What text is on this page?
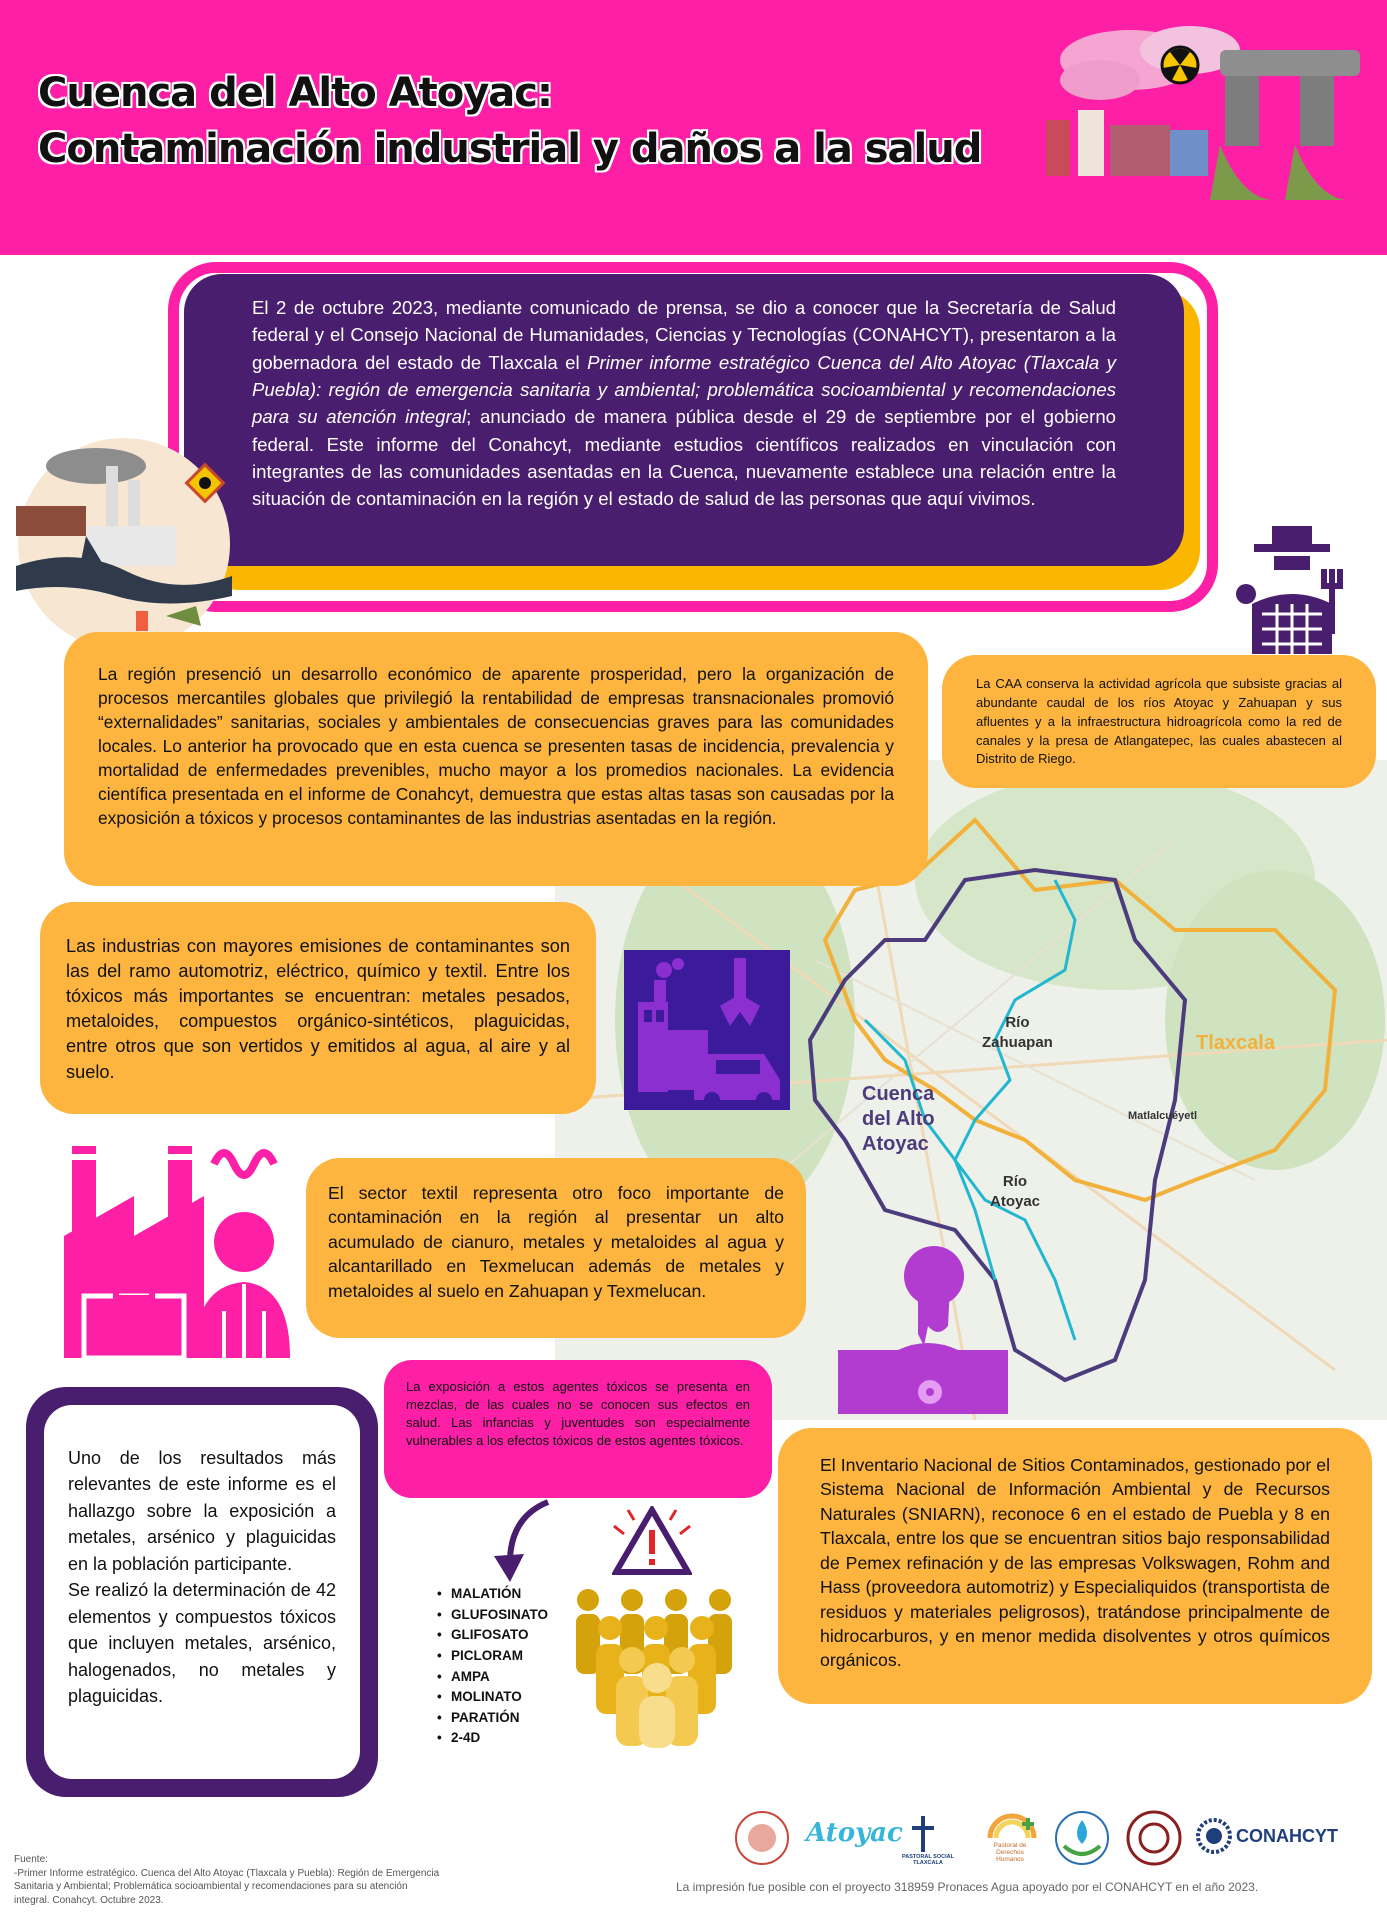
Cuenca del Alto Atoyac:
Contaminación industrial y daños a la salud
Río
Zahuapan	Tlaxcala
Cuenca
del Alto
Atoyac
Matlalcuéyetl
Río
Atoyac
El 2 de octubre 2023, mediante comunicado de prensa, se dio a conocer que la Secretaría de Salud federal y el Consejo Nacional de Humanidades, Ciencias y Tecnologías (CONAHCYT), presentaron a la gobernadora del estado de Tlaxcala el Primer informe estratégico Cuenca del Alto Atoyac (Tlaxcala y Puebla): región de emergencia sanitaria y ambiental; problemática socioambiental y recomendaciones para su atención integral; anunciado de manera pública desde el 29 de septiembre por el gobierno federal. Este informe del Conahcyt, mediante estudios científicos realizados en vinculación con integrantes de las comunidades asentadas en la Cuenca, nuevamente establece una relación entre la situación de contaminación en la región y el estado de salud de las personas que aquí vivimos.
La región presenció un desarrollo económico de aparente prosperidad, pero la organización de procesos mercantiles globales que privilegió la rentabilidad de empresas transnacionales promovió “externalidades” sanitarias, sociales y ambientales de consecuencias graves para las comunidades locales. Lo anterior ha provocado que en esta cuenca se presenten tasas de incidencia, prevalencia y mortalidad de enfermedades prevenibles, mucho mayor a los promedios nacionales. La evidencia científica presentada en el informe de Conahcyt, demuestra que estas altas tasas son causadas por la exposición a tóxicos y procesos contaminantes de las industrias asentadas en la región.
La CAA conserva la actividad agrícola que subsiste gracias al abundante caudal de los ríos Atoyac y Zahuapan y sus afluentes y a la infraestructura hidroagrícola como la red de canales y la presa de Atlangatepec, las cuales abastecen al Distrito de Riego.
Las industrias con mayores emisiones de contaminantes son las del ramo automotriz, eléctrico, químico y textil. Entre los tóxicos más importantes se encuentran: metales pesados, metaloides, compuestos orgánico-sintéticos, plaguicidas, entre otros que son vertidos y emitidos al agua, al aire y al suelo.
El sector textil representa otro foco importante de contaminación en la región al presentar un alto acumulado de cianuro, metales y metaloides al agua y alcantarillado en Texmelucan además de metales y metaloides al suelo en Zahuapan y Texmelucan.
La exposición a estos agentes tóxicos se presenta en mezclas, de las cuales no se conocen sus efectos en salud. Las infancias y juventudes son especialmente vulnerables a los efectos tóxicos de estos agentes tóxicos.

Uno de los resultados más relevantes de este informe es el hallazgo sobre la exposición a metales, arsénico y plaguicidas en la población participante.

Se realizó la determinación de 42 elementos y compuestos tóxicos que incluyen metales, arsénico, halogenados, no metales y plaguicidas.

• MALATIÓN
• GLUFOSINATO
• GLIFOSATO
• PICLORAM
• AMPA
• MOLINATO
• PARATIÓN
• 2-4D
El Inventario Nacional de Sitios Contaminados, gestionado por el Sistema Nacional de Información Ambiental y de Recursos Naturales (SNIARN), reconoce 6 en el estado de Puebla y 8 en Tlaxcala, entre los que se encuentran sitios bajo responsabilidad de Pemex refinación y de las empresas Volkswagen, Rohm and Hass (proveedora automotriz) y Especialiquidos (transportista de residuos y materiales peligrosos), tratándose principalmente de hidrocarburos, y en menor medida disolventes y otros químicos orgánicos.
Atoyac
PASTORAL SOCIAL TLAXCALA
Pastoral de Derechos Humanos
CONAHCYT
Fuente:
-Primer Informe estratégico. Cuenca del Alto Atoyac (Tlaxcala y Puebla): Región de Emergencia Sanitaria y Ambiental; Problemática socioambiental y recomendaciones para su atención integral. Conahcyt. Octubre 2023.
La impresión fue posible con el proyecto 318959 Pronaces Agua apoyado por el CONAHCYT en el año 2023.
